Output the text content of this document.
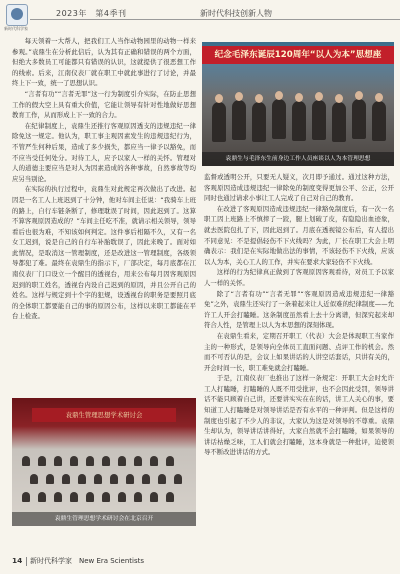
新时代科学家
2023年　第4季刊	新时代科技创新人物

每天领着一大帮人，把我们工人当作动物园里的动物一样来参观。”袁鼎生在分析此信后，认为其有正确和错误的两个方面，但绝大多数员工可能都只有错误的认识，这就提供了很恶想工作的线索。后来，江南仪表厂就在职工中就此事进行了讨论，并最终上下一致，统一了思想认识。

“言者有功”“言者无罪”这一行为制度引介实际，在防止思想工作的假大空上具有重大价值，它能让领导有针对性地做好思想教育工作，从而形成上下一致的合力。

在纪律制度上，袁鼎生还推行客观原因透支的违规违纪一律除免这一规定。他认为，职工事主观因素发生的违规违纪行为，不管严生何种后果，造成了多少损失，都应当一律予以豁免，而不应当受任何处分。对待工人，应予以家人一样的关怀。管理对人的道德主要应当是对人为因素造成的各种事故，自然事故等均应另当别论。

在实际的执行过程中，袁鼎生对此规定再次做出了改进。起因是一名工人上班迟到了十分钟，他对车间主任说：“我骑车上班的路上，自行车链条断了，修理耽误了时间，因此迟到了。这算不算客观原因造成的？”车间主任吃不准，就请示相关领导，领导看后也很为难，不知该如何判定。这件事后相隔不久，又有一名女工迟到，说是自己的自行车补胎耽误了，因此来晚了。面对如此情况，是取消这一管理制度，还是改进这一管理制度，各级领导都犯了难。最终在袁鼎生的指示下，厂部决定，每月底都在江南仪表厂门口设立一个醒目的透视台，用来公布每月因客观原因迟到的职工姓名，透视台内设自己迟到的原因，并且公开自己的姓名。这样与规定到十个字的犯规，设透视台的职务是要照月底的全体职工都要能自己的事的原因公布，这样以来职工都能在平台上检查。

纪念毛泽东诞辰120周年“以人为本”思想座
袁鼎生与毛泽东生前身边工作人员座谈以人为本管理思想

监督或透明公开，只要无人疑义，次月即予通过。通过这种方法，客观原因造成违规违纪一律除免的制度变得更加公平、公正，公开同时也通过请求小事让工人完成了自己对自己的教育。

在改进了客观原因造成违规违纪一律豁免制度后，有一次一名职工因上班路上不慎摔了一跤，腿上划破了皮，有隐隐出血迹象，就去医院包扎了下，因此迟到了。月底在透视镜公布后，有人提出不同意见：不是提倡轻伤不下火线吗？为此，厂长在职工大会上明确表示：我们是在实际地做出法的事情，不该轻伤不下火线，应该以人为本，关心工人的工作，并实在要求大家轻伤不下火线。

这样的行为纪律真正做到了客观原因客观看待，对员工予以家人一样的关怀。

除了“言者有功”“言者无罪”“客观原因造成违规违纪一律豁免”之外，袁鼎生还实行了一条着起来让人近似难的纪律制度——允许工人开会打瞌睡。这条制度虽然看上去十分离谱，但深究起来却符合人性，是管理上以人为本思想的深刻体现。

在袁鼎生看来，定期召开职工（代表）大会是体现职工当家作主的一种形式，是领导向全体员工直面问题、点评工作的机会。然而不可否认的是，会议上如果讲话的人讲空话套话，只讲有关的，开会时间一长，职工难免就会打瞌睡。

于是，江南仪表厂也推出了这样一条规定：开职工大会时允许工人打瞌睡，打瞌睡的人既不用受批评，也不会因此受罚，领导讲话不能只顾着自己讲，还要讲实实在在的话，讲工人关心的事，要知道工人打瞌睡是对领导讲话是否有水平的一种评判。但是这样的制度也引起了不少人的非议，大家认为这是对领导的不尊重。袁鼎生却认为，领导讲话讲得好，大家自然就不会打瞌睡，如果领导的讲话枯燥乏味，工人们就会打瞌睡，这本身就是一种批评，迫使领导不断改进讲话的方式。

袁鼎生管理思想学术研讨会
袁鼎生管理思想学术研讨会在北京召开
14 新时代科学家　New Era Scientists
